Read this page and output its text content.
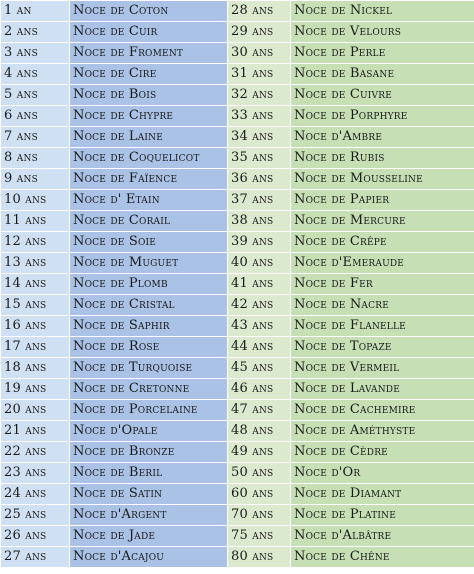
1 an	Noce de Coton	28 ans	Noce de Nickel
2 ans	Noce de Cuir	29 ans	Noce de Velours
3 ans	Noce de Froment	30 ans	Noce de Perle
4 ans	Noce de Cire	31 ans	Noce de Basane
5 ans	Noce de Bois	32 ans	Noce de Cuivre
6 ans	Noce de Chypre	33 ans	Noce de Porphyre
7 ans	Noce de Laine	34 ans	Noce d'Ambre
8 ans	Noce de Coquelicot	35 ans	Noce de Rubis
9 ans	Noce de Faïence	36 ans	Noce de Mousseline
10 ans	Noce d' Etain	37 ans	Noce de Papier
11 ans	Noce de Corail	38 ans	Noce de Mercure
12 ans	Noce de Soie	39 ans	Noce de Crêpe
13 ans	Noce de Muguet	40 ans	Noce d'Emeraude
14 ans	Noce de Plomb	41 ans	Noce de Fer
15 ans	Noce de Cristal	42 ans	Noce de Nacre
16 ans	Noce de Saphir	43 ans	Noce de Flanelle
17 ans	Noce de Rose	44 ans	Noce de Topaze
18 ans	Noce de Turquoise	45 ans	Noce de Vermeil
19 ans	Noce de Cretonne	46 ans	Noce de Lavande
20 ans	Noce de Porcelaine	47 ans	Noce de Cachemire
21 ans	Noce d'Opale	48 ans	Noce de Améthyste
22 ans	Noce de Bronze	49 ans	Noce de Cèdre
23 ans	Noce de Beril	50 ans	Noce d'Or
24 ans	Noce de Satin	60 ans	Noce de Diamant
25 ans	Noce d'Argent	70 ans	Noce de Platine
26 ans	Noce de Jade	75 ans	Noce d'Albâtre
27 ans	Noce d'Acajou	80 ans	Noce de Chêne
